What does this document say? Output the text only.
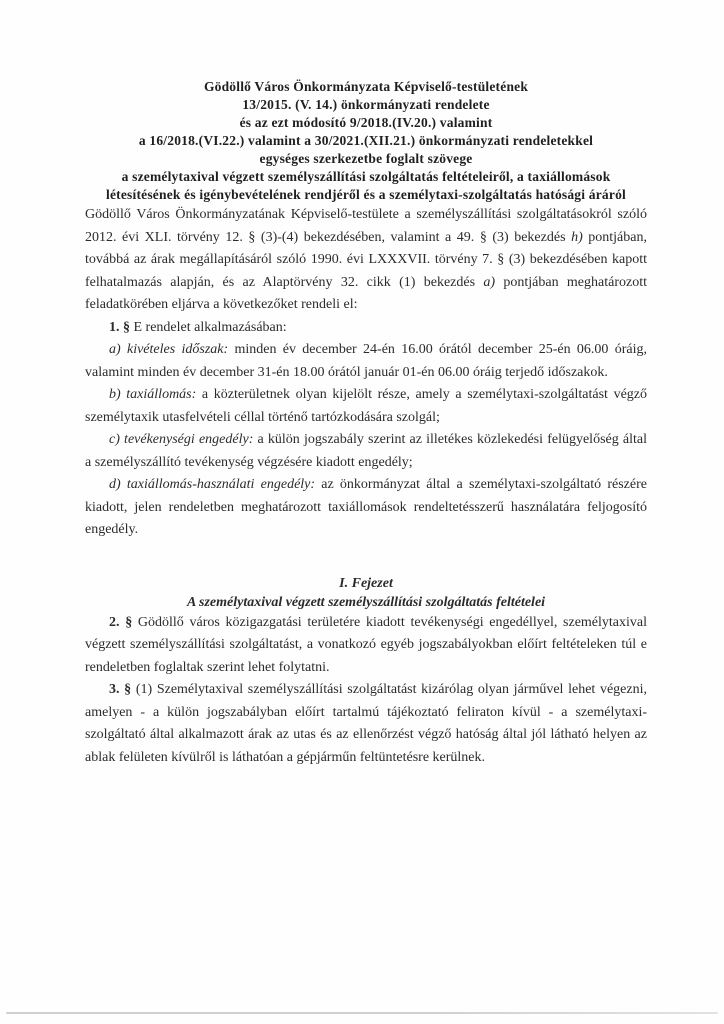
Gödöllő Város Önkormányzata Képviselő-testületének
13/2015. (V. 14.) önkormányzati rendelete
és az ezt módosító 9/2018.(IV.20.) valamint
a 16/2018.(VI.22.) valamint a 30/2021.(XII.21.) önkormányzati rendeletekkel
egységes szerkezetbe foglalt szövege
a személytaxival végzett személyszállítási szolgáltatás feltételeiről, a taxiállomások
létesítésének és igénybevételének rendjéről és a személytaxi-szolgáltatás hatósági áráról

Gödöllő Város Önkormányzatának Képviselő-testülete a személyszállítási szolgáltatásokról szóló 2012. évi XLI. törvény 12. § (3)-(4) bekezdésében, valamint a 49. § (3) bekezdés h) pontjában, továbbá az árak megállapításáról szóló 1990. évi LXXXVII. törvény 7. § (3) bekezdésében kapott felhatalmazás alapján, és az Alaptörvény 32. cikk (1) bekezdés a) pontjában meghatározott feladatkörében eljárva a következőket rendeli el:

1. § E rendelet alkalmazásában:

a) kivételes időszak: minden év december 24-én 16.00 órától december 25-én 06.00 óráig, valamint minden év december 31-én 18.00 órától január 01-én 06.00 óráig terjedő időszakok.

b) taxiállomás: a közterületnek olyan kijelölt része, amely a személytaxi-szolgáltatást végző személytaxik utasfelvételi céllal történő tartózkodására szolgál;

c) tevékenységi engedély: a külön jogszabály szerint az illetékes közlekedési felügyelőség által a személyszállító tevékenység végzésére kiadott engedély;

d) taxiállomás-használati engedély: az önkormányzat által a személytaxi-szolgáltató részére kiadott, jelen rendeletben meghatározott taxiállomások rendeltetésszerű használatára feljogosító engedély.

I. Fejezet
A személytaxival végzett személyszállítási szolgáltatás feltételei

2. § Gödöllő város közigazgatási területére kiadott tevékenységi engedéllyel, személytaxival végzett személyszállítási szolgáltatást, a vonatkozó egyéb jogszabályokban előírt feltételeken túl e rendeletben foglaltak szerint lehet folytatni.

3. § (1) Személytaxival személyszállítási szolgáltatást kizárólag olyan járművel lehet végezni, amelyen - a külön jogszabályban előírt tartalmú tájékoztató feliraton kívül - a személytaxi-szolgáltató által alkalmazott árak az utas és az ellenőrzést végző hatóság által jól látható helyen az ablak felületen kívülről is láthatóan a gépjárműn feltüntetésre kerülnek.
